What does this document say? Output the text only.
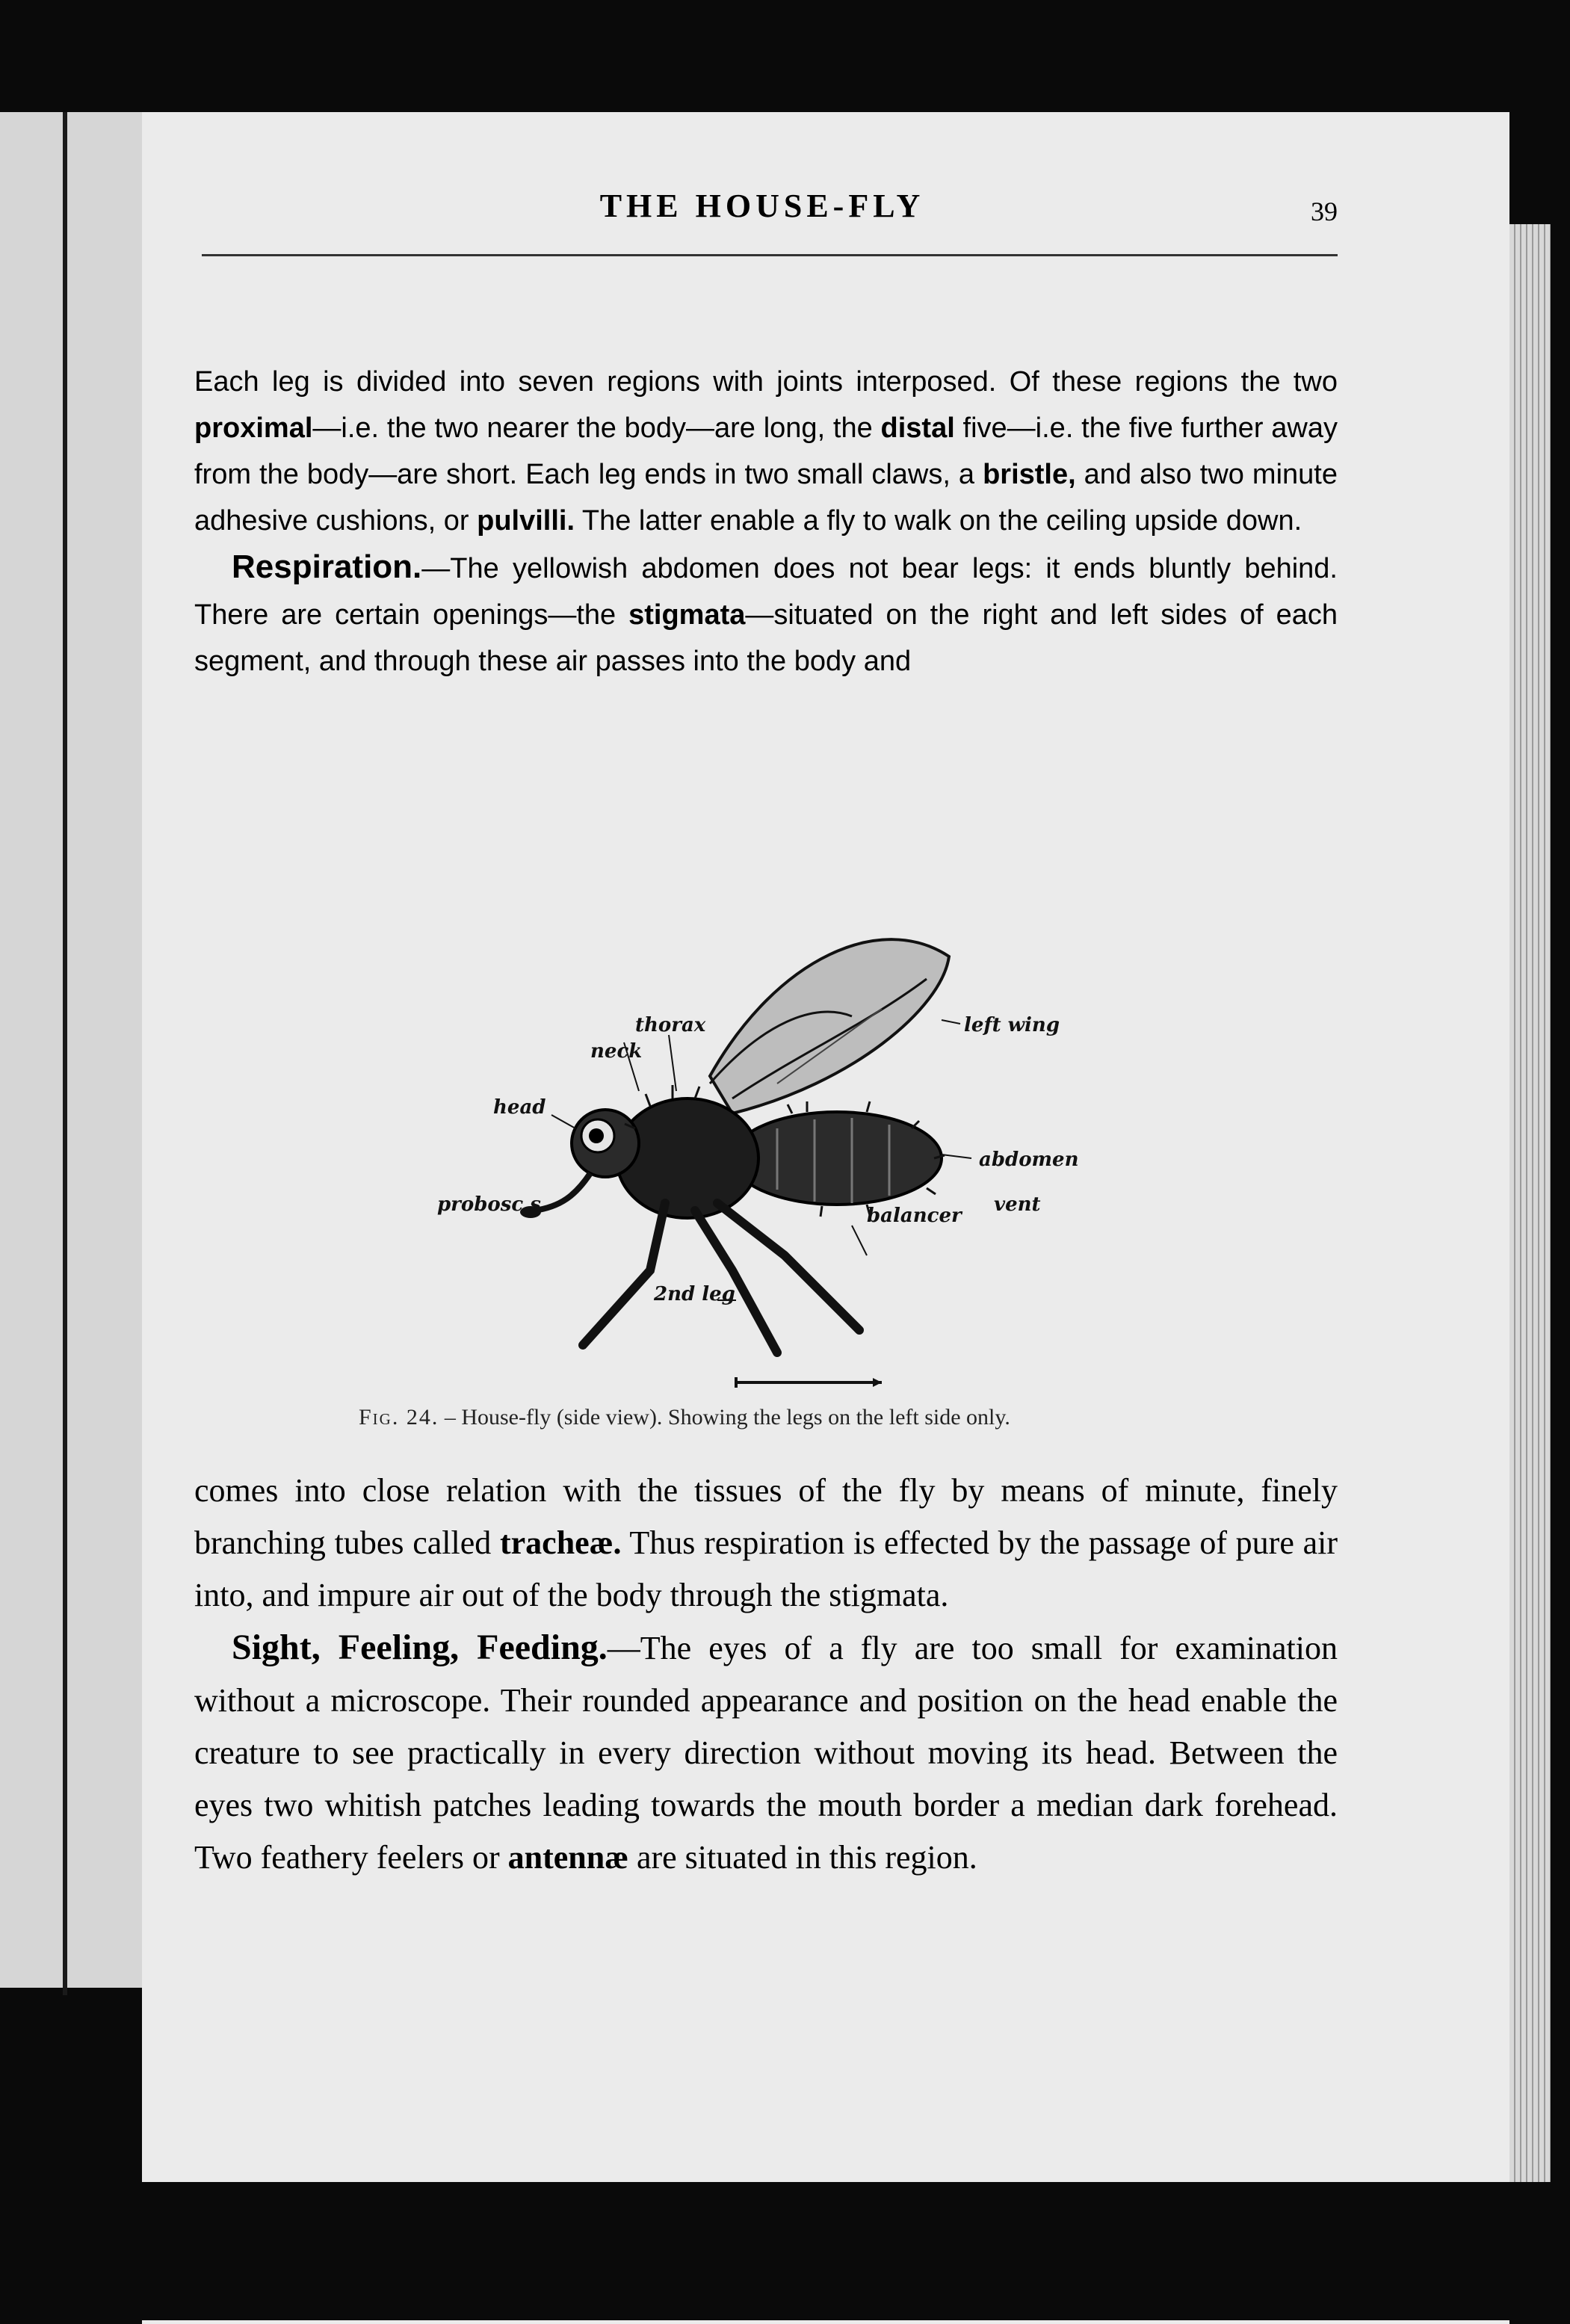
THE HOUSE-FLY	39

Each leg is divided into seven regions with joints interposed. Of these regions the two proximal—i.e. the two nearer the body—are long, the distal five—i.e. the five further away from the body—are short. Each leg ends in two small claws, a bristle, and also two minute adhesive cushions, or pulvilli. The latter enable a fly to walk on the ceiling upside down.

Respiration.—The yellowish abdomen does not bear legs: it ends bluntly behind. There are certain openings—the stigmata—situated on the right and left sides of each segment, and through these air passes into the body and

thorax
neck
head
probosc.s
left wing
abdomen
vent
balancer
2nd leg
Fig. 24. – House-fly (side view). Showing the legs on the left side only.

comes into close relation with the tissues of the fly by means of minute, finely branching tubes called tracheæ. Thus respiration is effected by the passage of pure air into, and impure air out of the body through the stigmata.

Sight, Feeling, Feeding.—The eyes of a fly are too small for examination without a microscope. Their rounded appearance and position on the head enable the creature to see practically in every direction without moving its head. Between the eyes two whitish patches leading towards the mouth border a median dark forehead. Two feathery feelers or antennæ are situated in this region.
